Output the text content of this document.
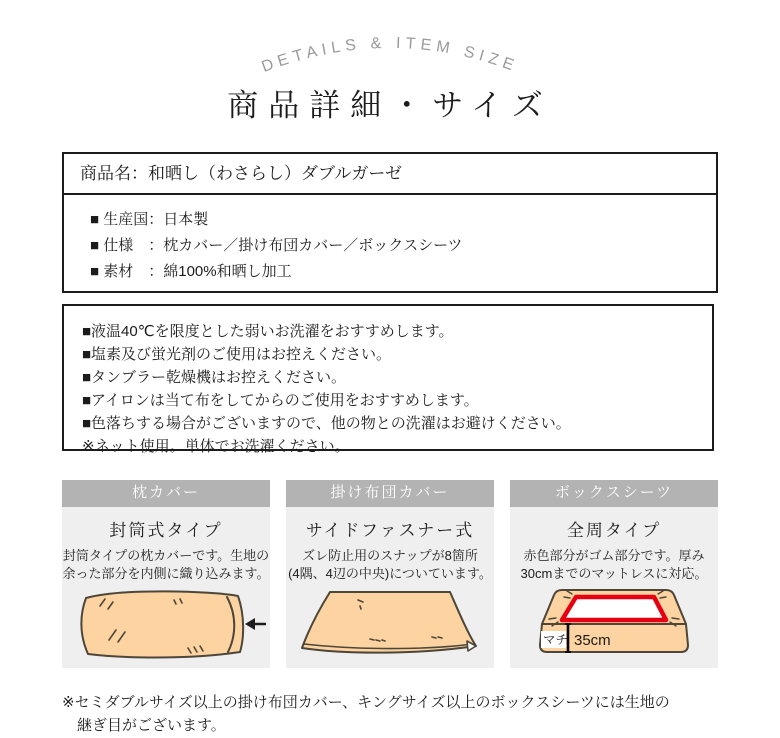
DETAILS & ITEM SIZE
商品詳細・サイズ
商品名：和晒し（わさらし）ダブルガーゼ
■ 生産国：日本製
■ 仕様　：枕カバー／掛け布団カバー／ボックスシーツ
■ 素材　：綿100%和晒し加工
■液温40℃を限度とした弱いお洗濯をおすすめします。
■塩素及び蛍光剤のご使用はお控えください。
■タンブラー乾燥機はお控えください。
■アイロンは当て布をしてからのご使用をおすすめします。
■色落ちする場合がございますので、他の物との洗濯はお避けください。
※ネット使用。単体でお洗濯ください。
枕カバー
封筒式タイプ
封筒タイプの枕カバーです。生地の
余った部分を内側に織り込みます。
掛け布団カバー
サイドファスナー式
ズレ防止用のスナップが8箇所
(4隅、4辺の中央)についています。
ボックスシーツ
全周タイプ
赤色部分がゴム部分です。厚み
30cmまでのマットレスに対応。
マチ 35cm
※セミダブルサイズ以上の掛け布団カバー、キングサイズ以上のボックスシーツには生地の
継ぎ目がございます。
